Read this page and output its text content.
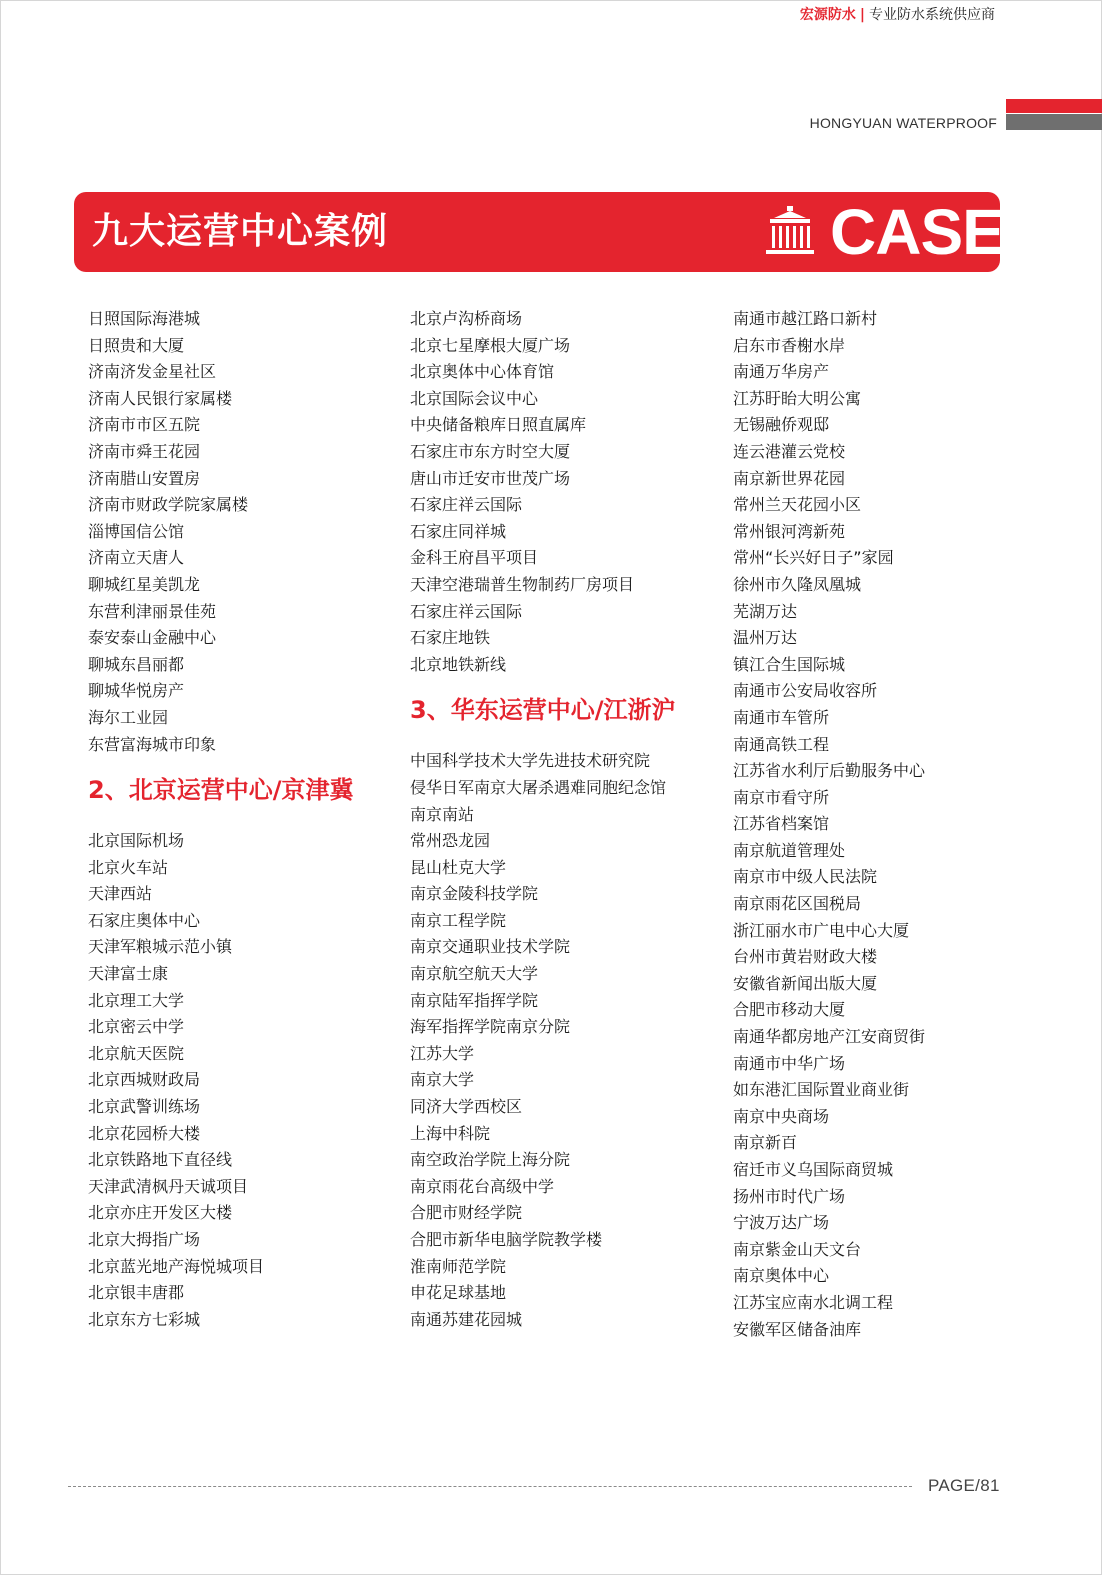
宏源防水 | 专业防水系统供应商
HONGYUAN WATERPROOF
九大运营中心案例	CASE
日照国际海港城
日照贵和大厦
济南济发金星社区
济南人民银行家属楼
济南市市区五院
济南市舜王花园
济南腊山安置房
济南市财政学院家属楼
淄博国信公馆
济南立天唐人
聊城红星美凯龙
东营利津丽景佳苑
泰安泰山金融中心
聊城东昌丽都
聊城华悦房产
海尔工业园
东营富海城市印象
2、北京运营中心/京津冀
北京国际机场
北京火车站
天津西站
石家庄奥体中心
天津军粮城示范小镇
天津富士康
北京理工大学
北京密云中学
北京航天医院
北京西城财政局
北京武警训练场
北京花园桥大楼
北京铁路地下直径线
天津武清枫丹天诚项目
北京亦庄开发区大楼
北京大拇指广场
北京蓝光地产海悦城项目
北京银丰唐郡
北京东方七彩城
北京卢沟桥商场
北京七星摩根大厦广场
北京奥体中心体育馆
北京国际会议中心
中央储备粮库日照直属库
石家庄市东方时空大厦
唐山市迁安市世茂广场
石家庄祥云国际
石家庄同祥城
金科王府昌平项目
天津空港瑞普生物制药厂房项目
石家庄祥云国际
石家庄地铁
北京地铁新线
3、华东运营中心/江浙沪
中国科学技术大学先进技术研究院
侵华日军南京大屠杀遇难同胞纪念馆
南京南站
常州恐龙园
昆山杜克大学
南京金陵科技学院
南京工程学院
南京交通职业技术学院
南京航空航天大学
南京陆军指挥学院
海军指挥学院南京分院
江苏大学
南京大学
同济大学西校区
上海中科院
南空政治学院上海分院
南京雨花台高级中学
合肥市财经学院
合肥市新华电脑学院教学楼
淮南师范学院
申花足球基地
南通苏建花园城
南通市越江路口新村
启东市香榭水岸
南通万华房产
江苏盱眙大明公寓
无锡融侨观邸
连云港灌云党校
南京新世界花园
常州兰天花园小区
常州银河湾新苑
常州“长兴好日子”家园
徐州市久隆凤凰城
芜湖万达
温州万达
镇江合生国际城
南通市公安局收容所
南通市车管所
南通高铁工程
江苏省水利厅后勤服务中心
南京市看守所
江苏省档案馆
南京航道管理处
南京市中级人民法院
南京雨花区国税局
浙江丽水市广电中心大厦
台州市黄岩财政大楼
安徽省新闻出版大厦
合肥市移动大厦
南通华都房地产江安商贸街
南通市中华广场
如东港汇国际置业商业街
南京中央商场
南京新百
宿迁市义乌国际商贸城
扬州市时代广场
宁波万达广场
南京紫金山天文台
南京奥体中心
江苏宝应南水北调工程
安徽军区储备油库
PAGE/81
